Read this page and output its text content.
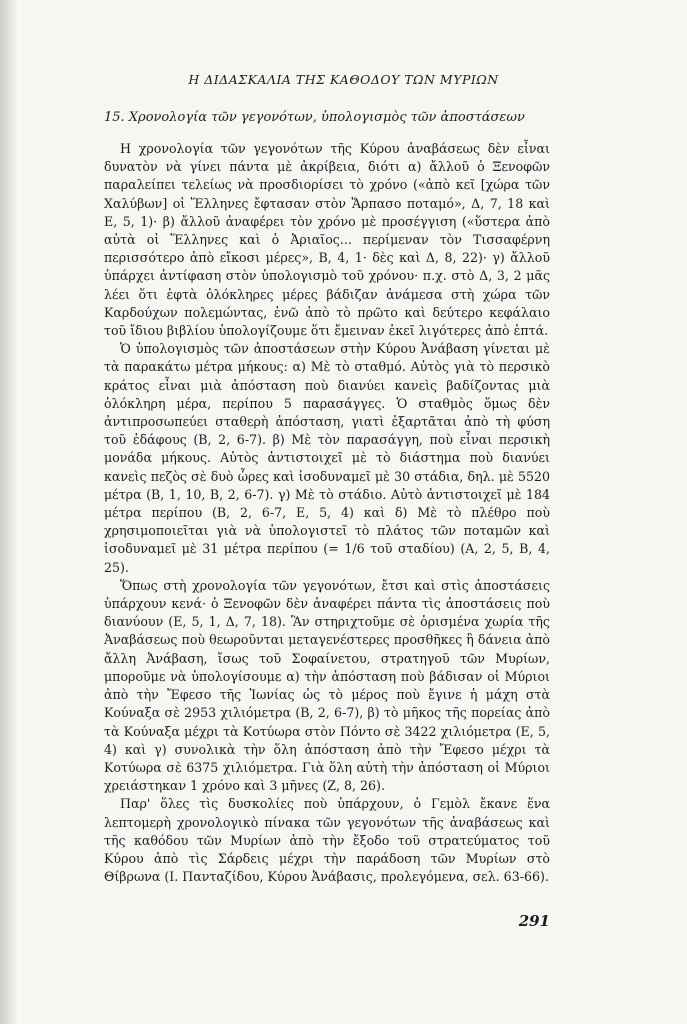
Η ΔΙΔΑΣΚΑΛΙΑ ΤΗΣ ΚΑΘΟΔΟΥ ΤΩΝ ΜΥΡΙΩΝ
15. Χρονολογία τῶν γεγονότων, ὑπολογισμὸς τῶν ἀποστάσεων

Η χρονολογία τῶν γεγονότων τῆς Κύρου ἀναβάσεως δὲν εἶναι δυνατὸν νὰ γίνει πάντα μὲ ἀκρίβεια, διότι α) ἄλλοῦ ὁ Ξενοφῶν παραλείπει τελείως νὰ προσδιορίσει τὸ χρόνο («ἀπὸ κεῖ [χώρα τῶν Χαλύβων] οἱ Ἕλληνες ἔφτασαν στὸν Ἅρπασο ποταμό», Δ, 7, 18 καὶ Ε, 5, 1)· β) ἄλλοῦ ἀναφέρει τὸν χρόνο μὲ προσέγγιση («ὕστερα ἀπὸ αὐτὰ οἱ Ἕλληνες καὶ ὁ Ἀριαῖος... περίμεναν τὸν Τισσαφέρνη περισσότερο ἀπὸ εἴκοσι μέρες», Β, 4, 1· δὲς καὶ Δ, 8, 22)· γ) ἄλλοῦ ὑπάρχει ἀντίφαση στὸν ὑπολογισμὸ τοῦ χρόνου· π.χ. στὸ Δ, 3, 2 μᾶς λέει ὅτι ἑφτὰ ὁλόκληρες μέρες βάδιζαν ἀνάμεσα στὴ χώρα τῶν Καρδούχων πολεμώντας, ἐνῶ ἀπὸ τὸ πρῶτο καὶ δεύτερο κεφάλαιο τοῦ ἴδιου βιβλίου ὑπολογίζουμε ὅτι ἔμειναν ἐκεῖ λιγότερες ἀπὸ ἑπτά.

Ὁ ὑπολογισμὸς τῶν ἀποστάσεων στὴν Κύρου Ἀνάβαση γίνεται μὲ τὰ παρακάτω μέτρα μήκους: α) Μὲ τὸ σταθμό. Αὐτὸς γιὰ τὸ περσικὸ κράτος εἶναι μιὰ ἀπόσταση ποὺ διανύει κανεὶς βαδίζοντας μιὰ ὁλόκληρη μέρα, περίπου 5 παρασάγγες. Ὁ σταθμὸς ὅμως δὲν ἀντιπροσωπεύει σταθερὴ ἀπόσταση, γιατὶ ἐξαρτᾶται ἀπὸ τὴ φύση τοῦ ἐδάφους (Β, 2, 6-7). β) Μὲ τὸν παρασάγγη, ποὺ εἶναι περσικὴ μονάδα μήκους. Αὐτὸς ἀντιστοιχεῖ μὲ τὸ διάστημα ποὺ διανύει κανεὶς πεζὸς σὲ δυὸ ὧρες καὶ ἰσοδυναμεῖ μὲ 30 στάδια, δηλ. μὲ 5520 μέτρα (Β, 1, 10, Β, 2, 6-7). γ) Μὲ τὸ στάδιο. Αὐτὸ ἀντιστοιχεῖ μὲ 184 μέτρα περίπου (Β, 2, 6-7, Ε, 5, 4) καὶ δ) Μὲ τὸ πλέθρο ποὺ χρησιμοποιεῖται γιὰ νὰ ὑπολογιστεῖ τὸ πλάτος τῶν ποταμῶν καὶ ἰσοδυναμεῖ μὲ 31 μέτρα περίπου (= 1/6 τοῦ σταδίου) (Α, 2, 5, Β, 4, 25).

Ὅπως στὴ χρονολογία τῶν γεγονότων, ἔτσι καὶ στὶς ἀποστάσεις ὑπάρχουν κενά· ὁ Ξενοφῶν δὲν ἀναφέρει πάντα τὶς ἀποστάσεις ποὺ διανύουν (Ε, 5, 1, Δ, 7, 18). Ἂν στηριχτοῦμε σὲ ὁρισμένα χωρία τῆς Ἀναβάσεως ποὺ θεωροῦνται μεταγενέστερες προσθῆκες ἢ δάνεια ἀπὸ ἄλλη Ἀνάβαση, ἴσως τοῦ Σοφαίνετου, στρατηγοῦ τῶν Μυρίων, μποροῦμε νὰ ὑπολογίσουμε α) τὴν ἀπόσταση ποὺ βάδισαν οἱ Μύριοι ἀπὸ τὴν Ἔφεσο τῆς Ἰωνίας ὡς τὸ μέρος ποὺ ἔγινε ἡ μάχη στὰ Κούναξα σὲ 2953 χιλιόμετρα (Β, 2, 6-7), β) τὸ μῆκος τῆς πορείας ἀπὸ τὰ Κούναξα μέχρι τὰ Κοτύωρα στὸν Πόντο σὲ 3422 χιλιόμετρα (Ε, 5, 4) καὶ γ) συνολικὰ τὴν ὅλη ἀπόσταση ἀπὸ τὴν Ἔφεσο μέχρι τὰ Κοτύωρα σὲ 6375 χιλιόμετρα. Γιὰ ὅλη αὐτὴ τὴν ἀπόσταση οἱ Μύριοι χρειάστηκαν 1 χρόνο καὶ 3 μῆνες (Ζ, 8, 26).

Παρ' ὅλες τὶς δυσκολίες ποὺ ὑπάρχουν, ὁ Γεμὸλ ἔκανε ἕνα λεπτομερὴ χρονολογικὸ πίνακα τῶν γεγονότων τῆς ἀναβάσεως καὶ τῆς καθόδου τῶν Μυρίων ἀπὸ τὴν ἔξοδο τοῦ στρατεύματος τοῦ Κύρου ἀπὸ τὶς Σάρδεις μέχρι τὴν παράδοση τῶν Μυρίων στὸ Θίβρωνα (Ι. Πανταζίδου, Κύρου Ἀνάβασις, προλεγόμενα, σελ. 63-66).

291
